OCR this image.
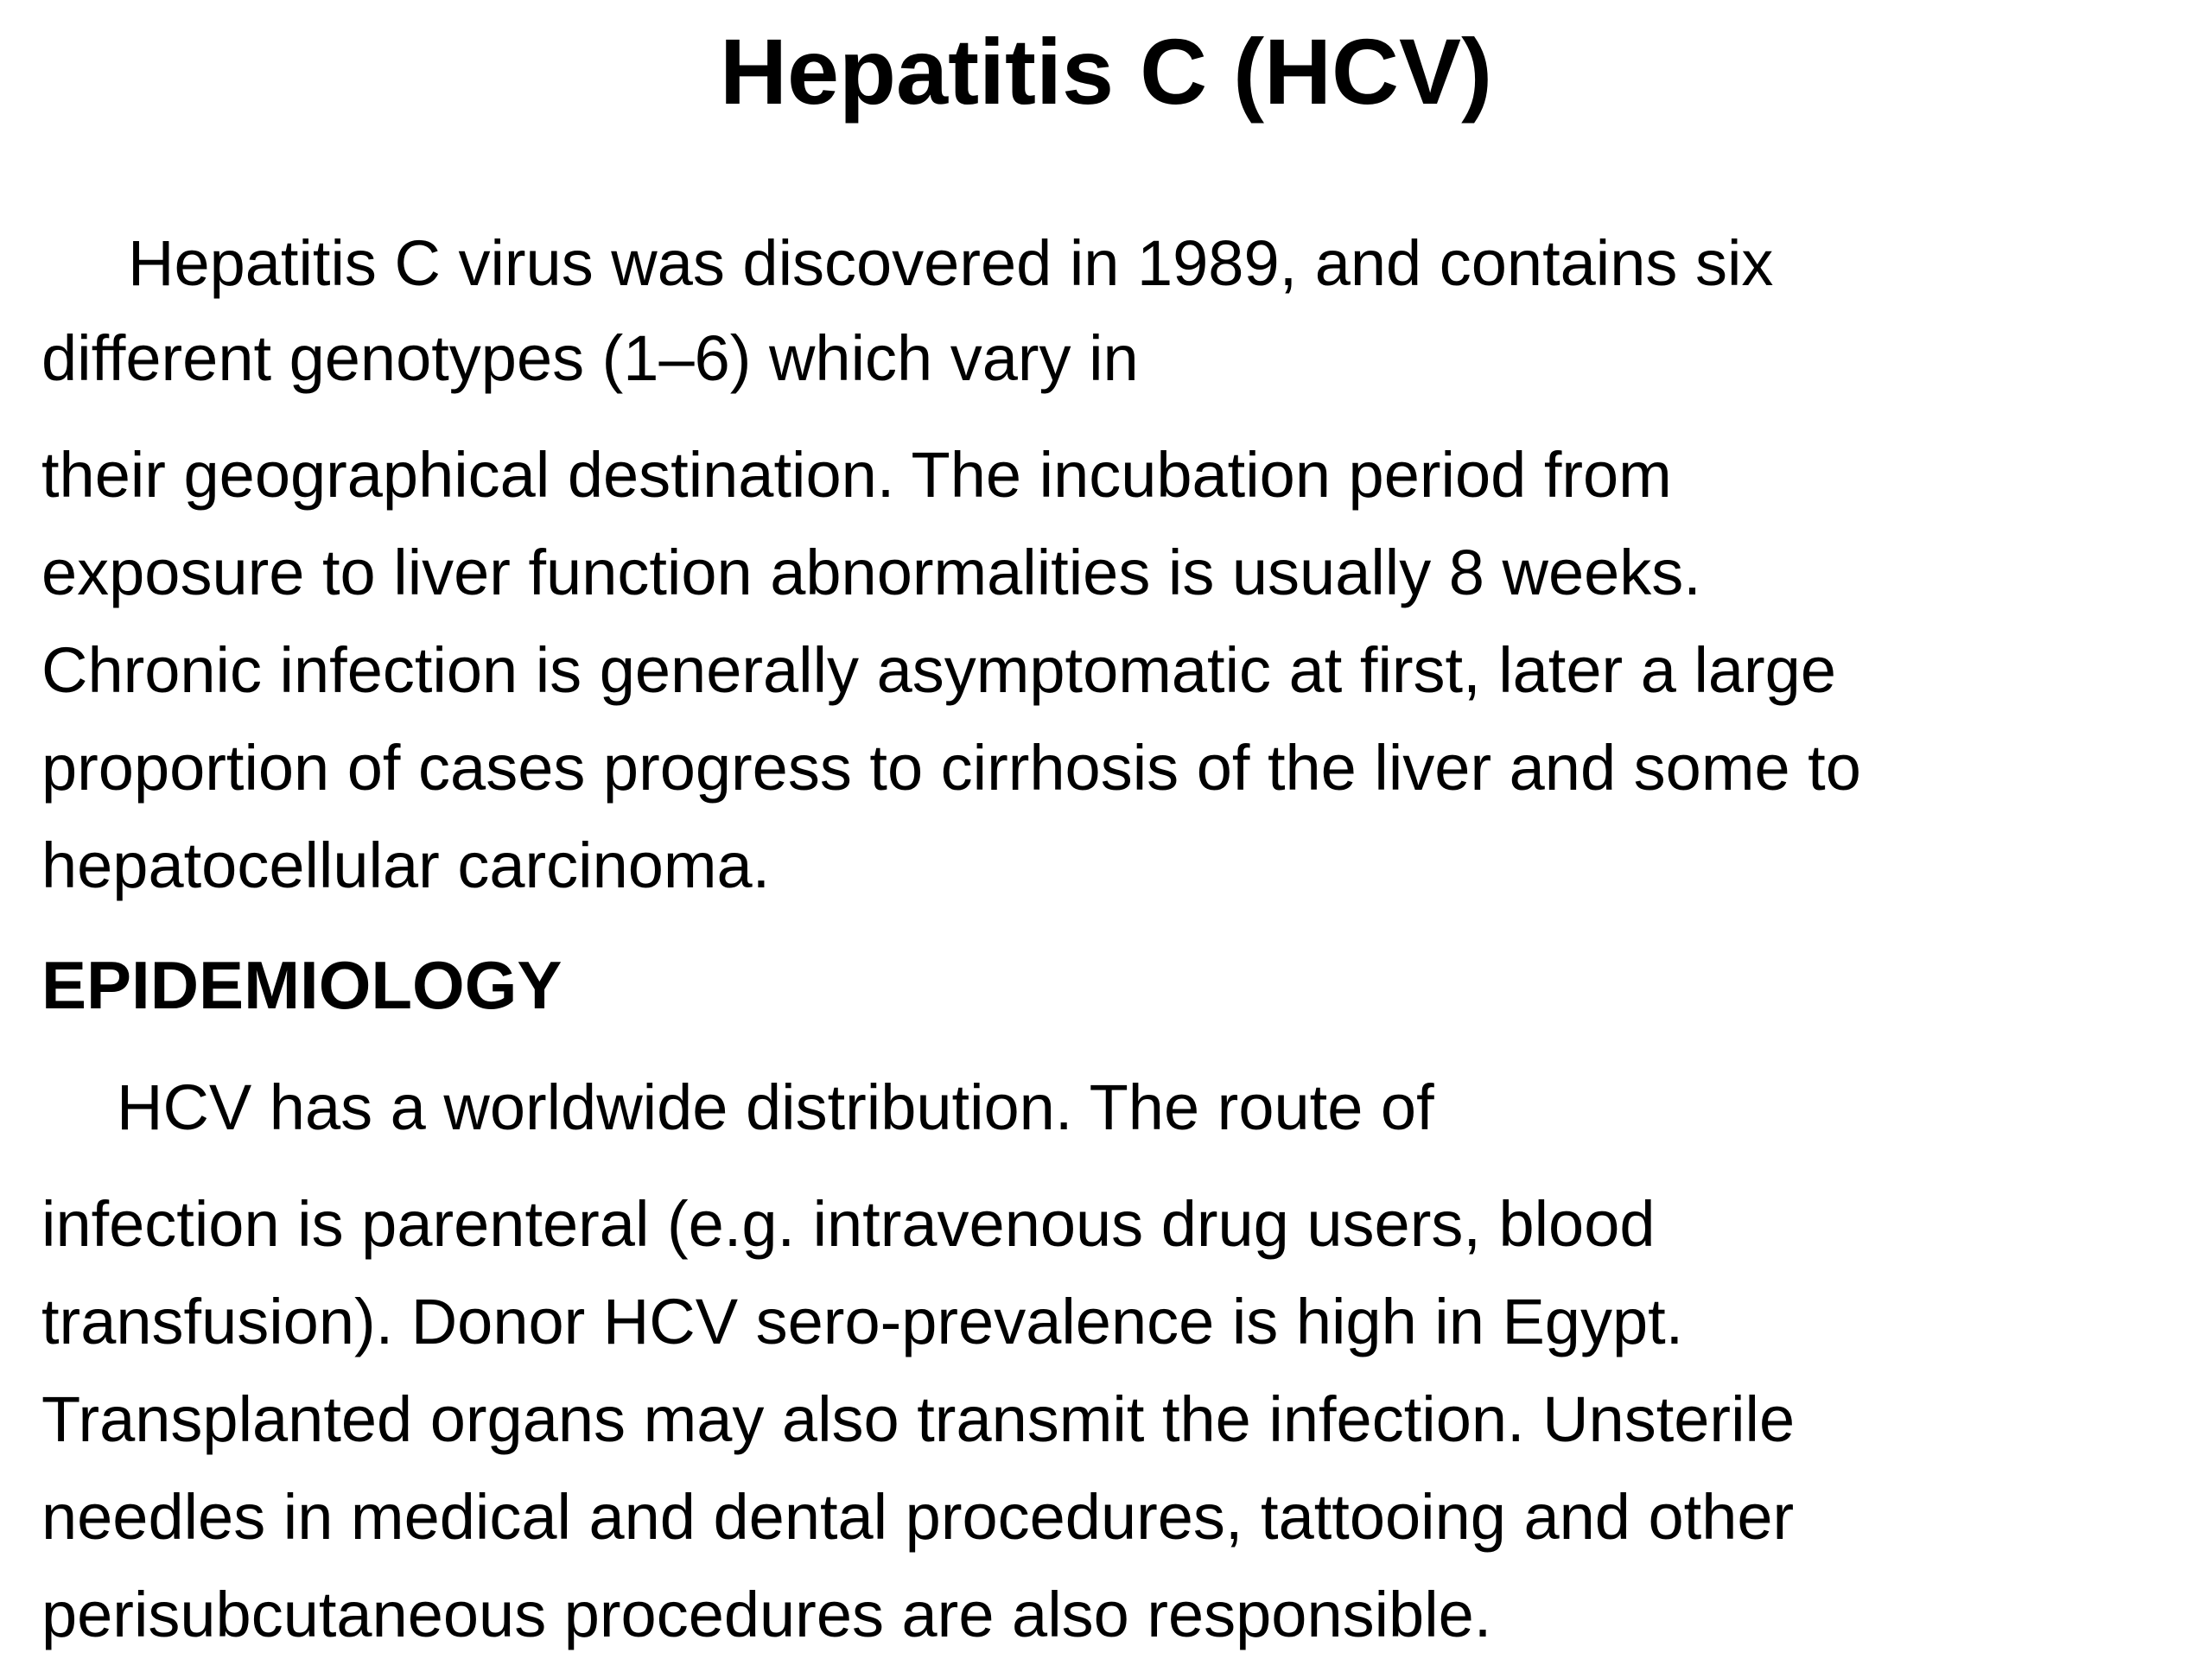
Hepatitis C (HCV)
Hepatitis C virus was discovered in 1989, and contains six
different genotypes (1–6) which vary in
their geographical destination. The incubation period from
exposure to liver function abnormalities is usually 8 weeks.
Chronic infection is generally asymptomatic at first, later a large
proportion of cases progress to cirrhosis of the liver and some to
hepatocellular carcinoma.
EPIDEMIOLOGY
HCV has a worldwide distribution. The route of
infection is parenteral (e.g. intravenous drug users, blood
transfusion). Donor HCV sero-prevalence is high in Egypt.
Transplanted organs may also transmit the infection. Unsterile
needles in medical and dental procedures, tattooing and other
perisubcutaneous procedures are also responsible.
